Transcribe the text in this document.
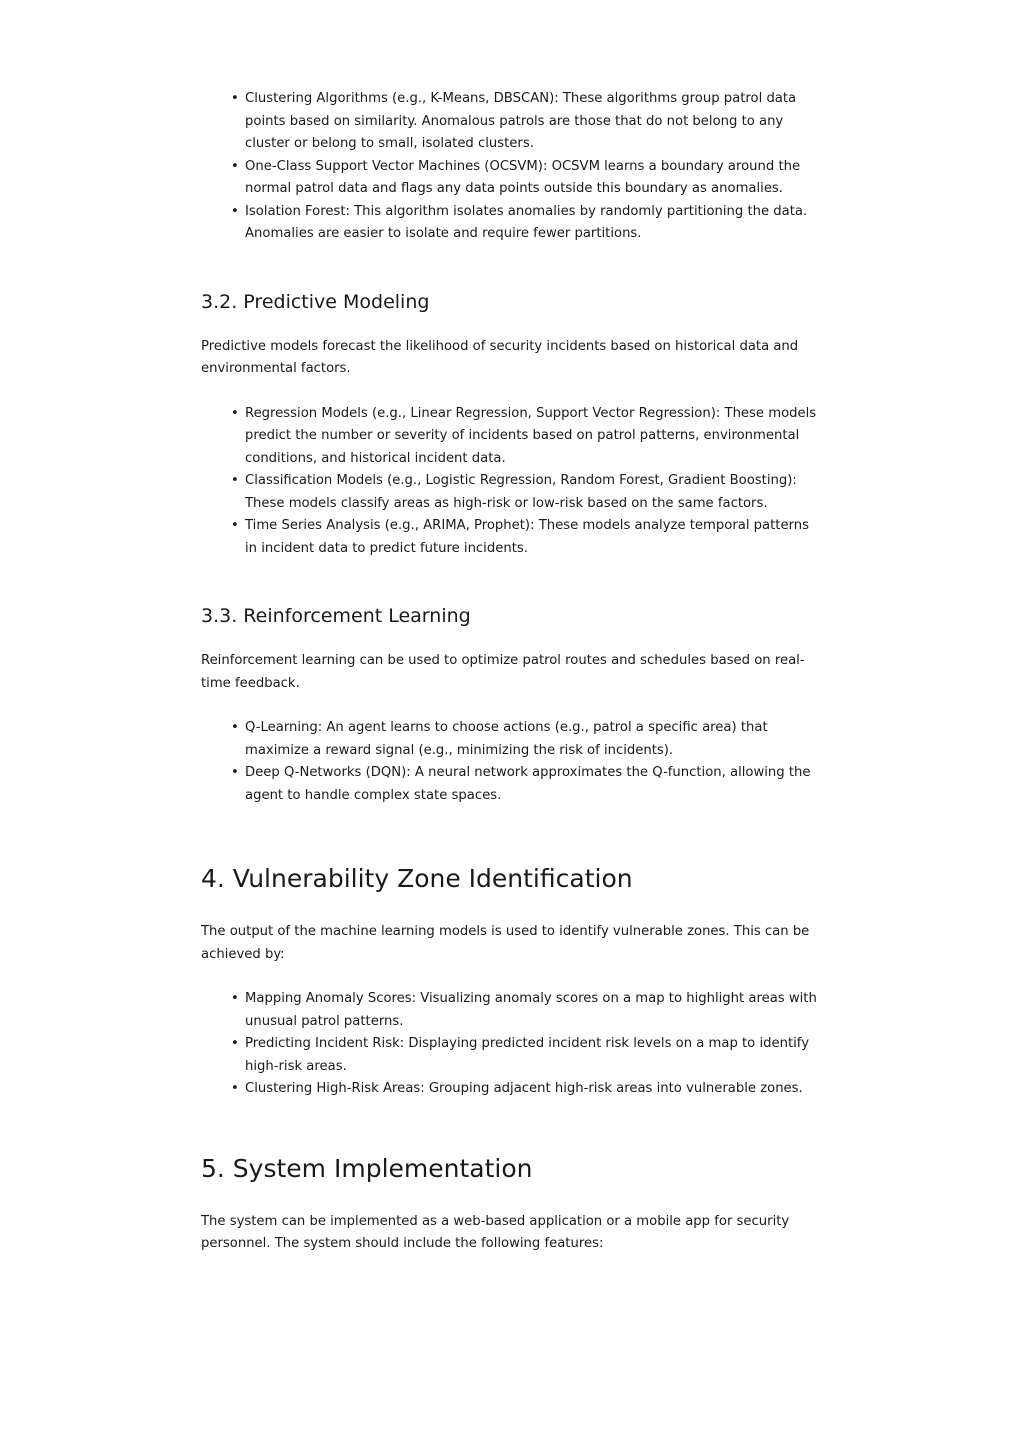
• Clustering Algorithms (e.g., K-Means, DBSCAN): These algorithms group patrol data points based on similarity. Anomalous patrols are those that do not belong to any cluster or belong to small, isolated clusters.
• One-Class Support Vector Machines (OCSVM): OCSVM learns a boundary around the normal patrol data and flags any data points outside this boundary as anomalies.
• Isolation Forest: This algorithm isolates anomalies by randomly partitioning the data. Anomalies are easier to isolate and require fewer partitions.
3.2. Predictive Modeling

Predictive models forecast the likelihood of security incidents based on historical data and environmental factors.

• Regression Models (e.g., Linear Regression, Support Vector Regression): These models predict the number or severity of incidents based on patrol patterns, environmental conditions, and historical incident data.
• Classification Models (e.g., Logistic Regression, Random Forest, Gradient Boosting): These models classify areas as high-risk or low-risk based on the same factors.
• Time Series Analysis (e.g., ARIMA, Prophet): These models analyze temporal patterns in incident data to predict future incidents.
3.3. Reinforcement Learning

Reinforcement learning can be used to optimize patrol routes and schedules based on real-time feedback.

• Q-Learning: An agent learns to choose actions (e.g., patrol a specific area) that maximize a reward signal (e.g., minimizing the risk of incidents).
• Deep Q-Networks (DQN): A neural network approximates the Q-function, allowing the agent to handle complex state spaces.
4. Vulnerability Zone Identification

The output of the machine learning models is used to identify vulnerable zones. This can be achieved by:

• Mapping Anomaly Scores: Visualizing anomaly scores on a map to highlight areas with unusual patrol patterns.
• Predicting Incident Risk: Displaying predicted incident risk levels on a map to identify high-risk areas.
• Clustering High-Risk Areas: Grouping adjacent high-risk areas into vulnerable zones.
5. System Implementation

The system can be implemented as a web-based application or a mobile app for security personnel. The system should include the following features:
